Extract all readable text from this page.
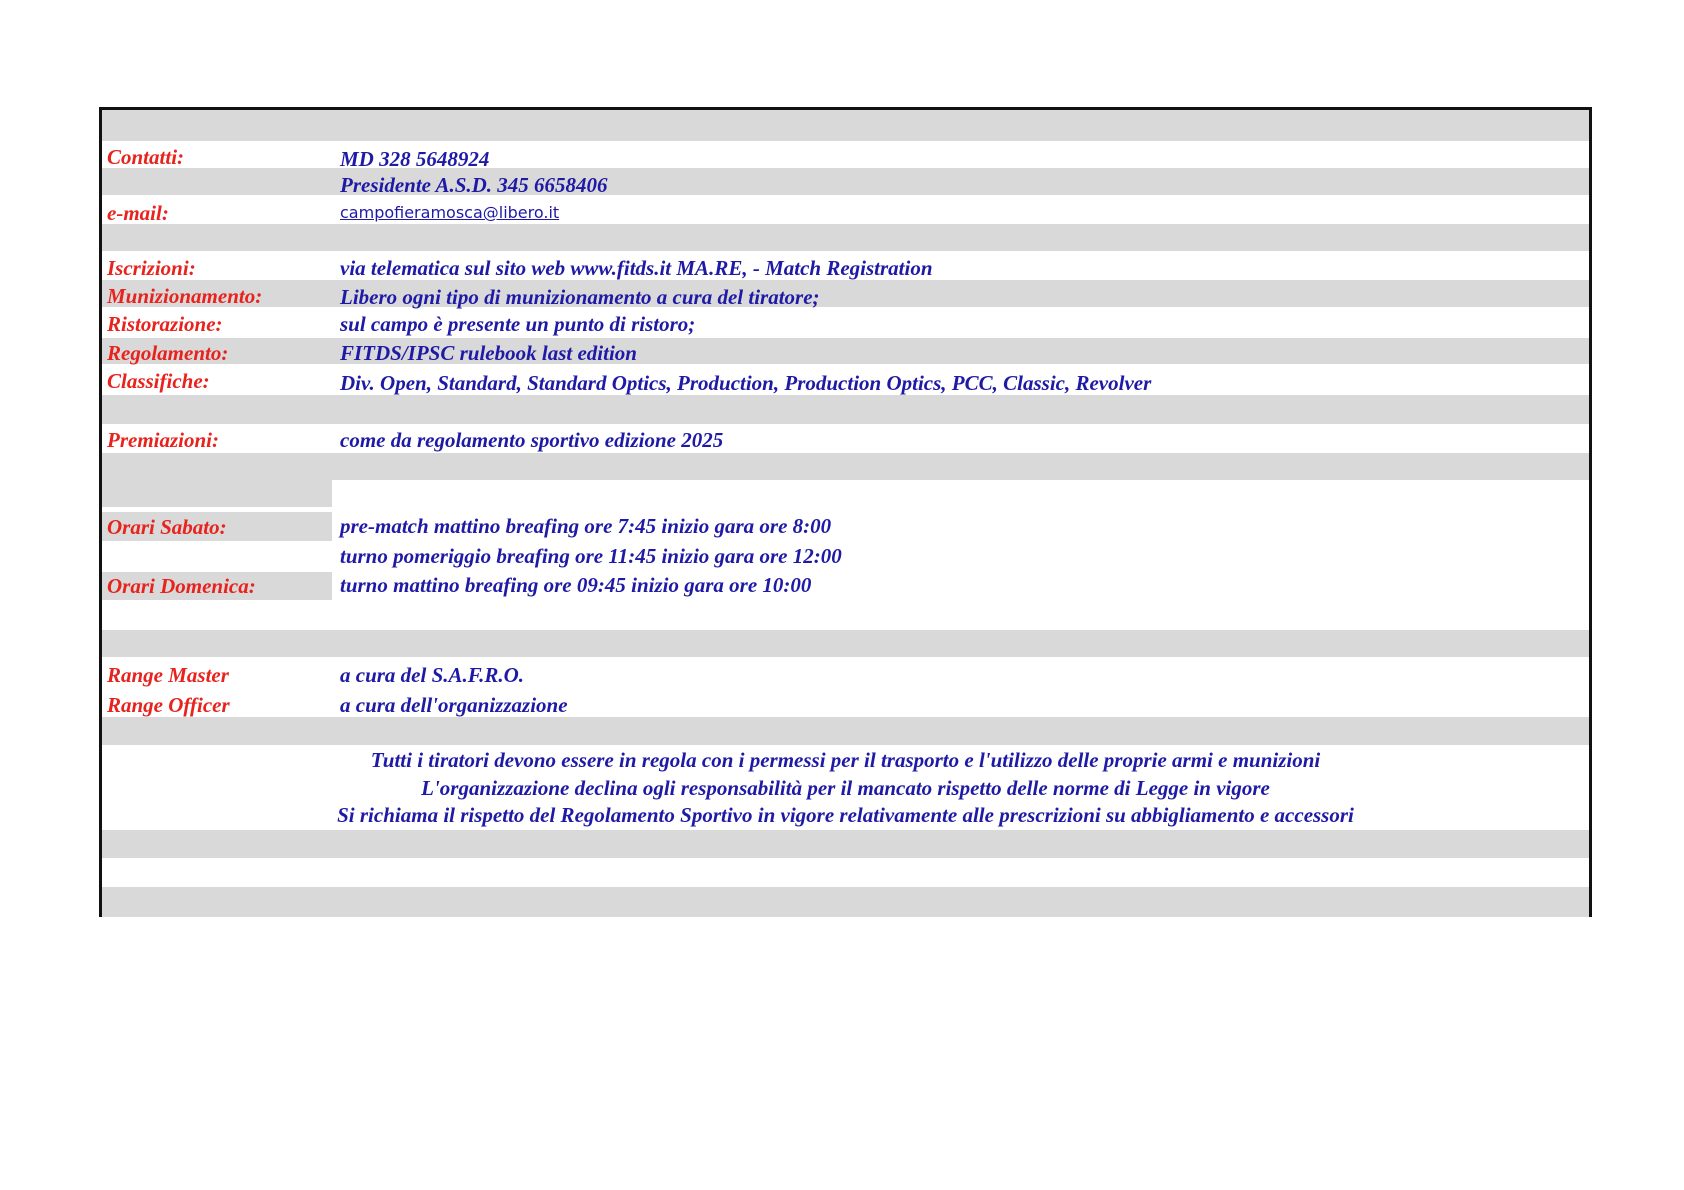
Contatti:	MD 328 5648924
Presidente A.S.D. 345 6658406
e-mail:	campofieramosca@libero.it
Iscrizioni:	via telematica sul sito web www.fitds.it MA.RE, - Match Registration
Munizionamento:	Libero ogni tipo di munizionamento a cura del tiratore;
Ristorazione:	sul campo è presente un punto di ristoro;
Regolamento:	FITDS/IPSC rulebook last edition
Classifiche:	Div. Open, Standard, Standard Optics, Production, Production Optics, PCC, Classic, Revolver
Premiazioni:	come da regolamento sportivo edizione 2025
Orari Sabato:	pre-match mattino breafing ore 7:45 inizio gara ore 8:00
turno pomeriggio breafing ore 11:45 inizio gara ore 12:00
Orari Domenica:	turno mattino breafing ore 09:45 inizio gara ore 10:00
Range Master	a cura del S.A.F.R.O.
Range Officer	a cura dell'organizzazione
Tutti i tiratori devono essere in regola con i permessi per il trasporto e l'utilizzo delle proprie armi e munizioni
L'organizzazione declina ogli responsabilità per il mancato rispetto delle norme di Legge in vigore
Si richiama il rispetto del Regolamento Sportivo in vigore relativamente alle prescrizioni su abbigliamento e accessori
